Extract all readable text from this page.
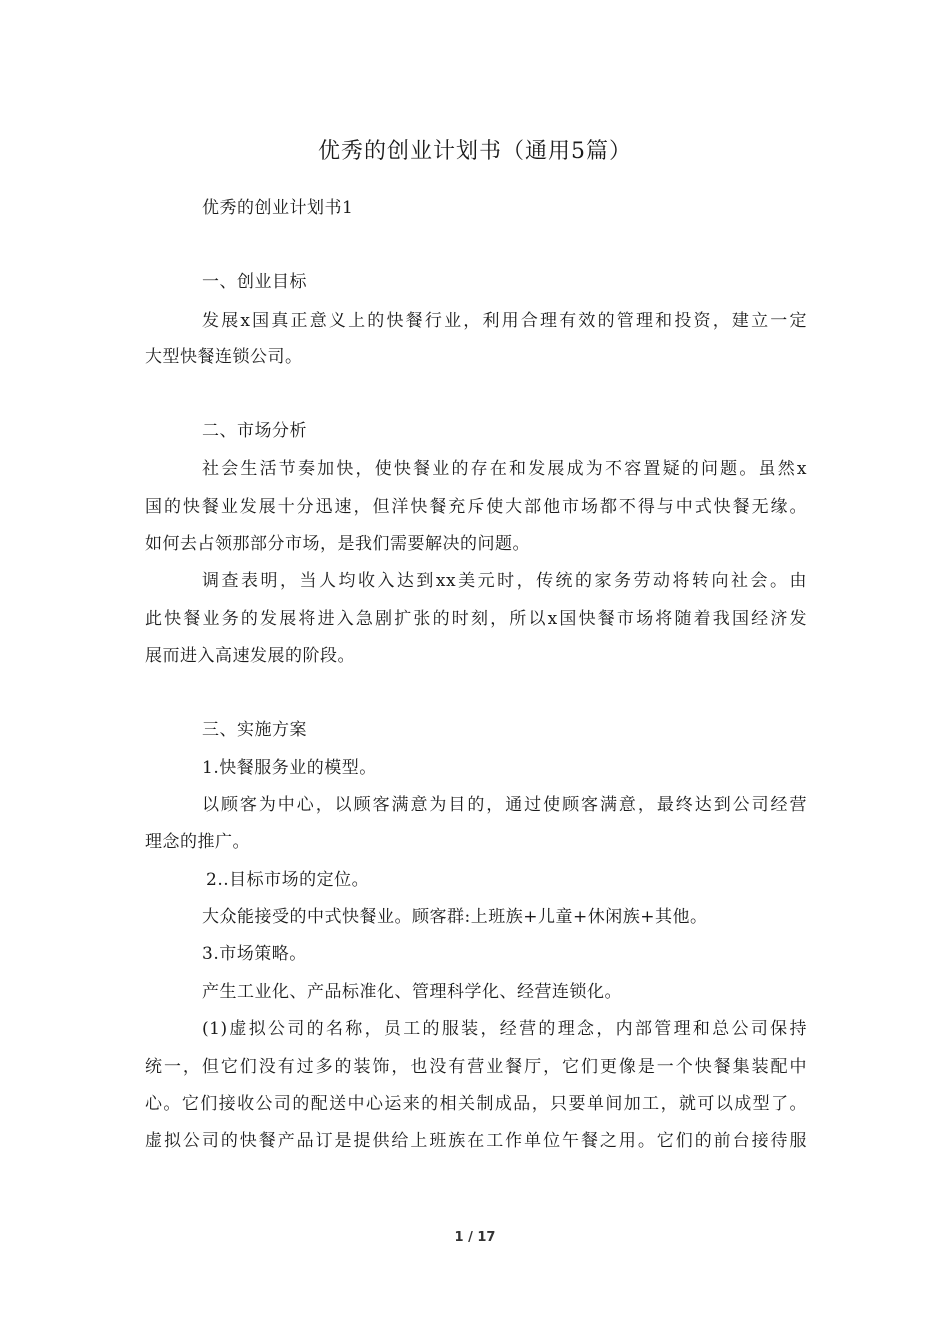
优秀的创业计划书（通用5篇）
优秀的创业计划书1
一、创业目标
发展x国真正意义上的快餐行业，利用合理有效的管理和投资，建立一定
大型快餐连锁公司。
二、市场分析
社会生活节奏加快，使快餐业的存在和发展成为不容置疑的问题。虽然x
国的快餐业发展十分迅速，但洋快餐充斥使大部他市场都不得与中式快餐无缘。
如何去占领那部分市场，是我们需要解决的问题。
调查表明，当人均收入达到xx美元时，传统的家务劳动将转向社会。由
此快餐业务的发展将进入急剧扩张的时刻，所以x国快餐市场将随着我国经济发
展而进入高速发展的阶段。
三、实施方案
1.快餐服务业的模型。
以顾客为中心，以顾客满意为目的，通过使顾客满意，最终达到公司经营
理念的推广。
2..目标市场的定位。
大众能接受的中式快餐业。顾客群:上班族+儿童+休闲族+其他。
3.市场策略。
产生工业化、产品标准化、管理科学化、经营连锁化。
(1)虚拟公司的名称，员工的服装，经营的理念，内部管理和总公司保持
统一，但它们没有过多的装饰，也没有营业餐厅，它们更像是一个快餐集装配中
心。它们接收公司的配送中心运来的相关制成品，只要单间加工，就可以成型了。
虚拟公司的快餐产品订是提供给上班族在工作单位午餐之用。它们的前台接待服
1 / 17
